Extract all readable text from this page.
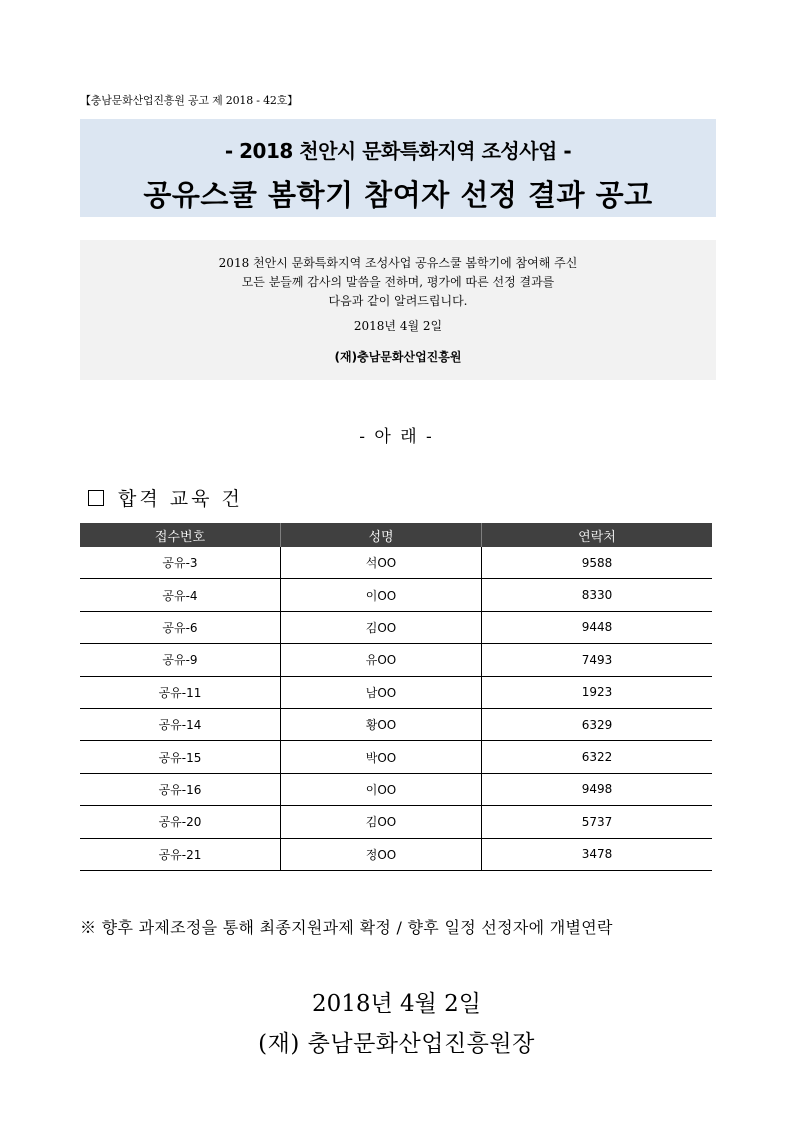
【충남문화산업진흥원 공고 제 2018 - 42호】
- 2018 천안시 문화특화지역 조성사업 -
공유스쿨 봄학기 참여자 선정 결과 공고
2018 천안시 문화특화지역 조성사업 공유스쿨 봄학기에 참여해 주신
모든 분들께 감사의 말씀을 전하며, 평가에 따른 선정 결과를
다음과 같이 알려드립니다.
2018년 4월 2일
(재)충남문화산업진흥원
- 아 래 -
합격 교육 건
접수번호	성명	연락처
공유-3	석OO	9588
공유-4	이OO	8330
공유-6	김OO	9448
공유-9	유OO	7493
공유-11	남OO	1923
공유-14	황OO	6329
공유-15	박OO	6322
공유-16	이OO	9498
공유-20	김OO	5737
공유-21	정OO	3478
※ 향후 과제조정을 통해 최종지원과제 확정 / 향후 일정 선정자에 개별연락
2018년 4월 2일
(재) 충남문화산업진흥원장
